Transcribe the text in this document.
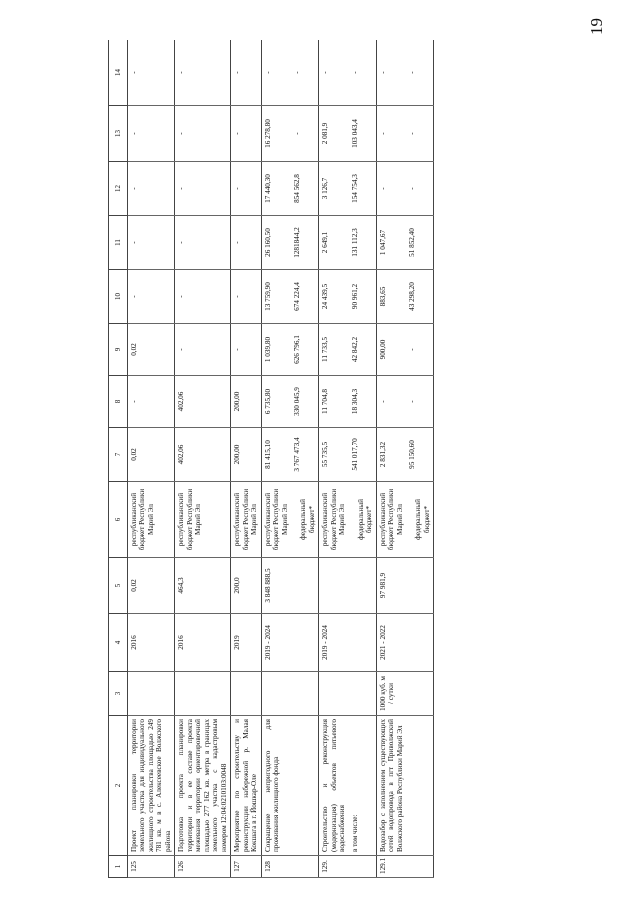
19
1	2	3	4	5	6	7	8	9	10	11	12	13	14
125	Проект планировки территории земельного участка для индивидуального жилищного строительства площадью 249 781 кв. м в с. Алексеевское Волжского района		2016	0,02	республиканский бюджет Республики Марий Эл	0,02	-	0,02	-	-	-	-	-
126	Подготовка проекта планировки территории и в ее составе проекта межевания территории ориентировочной площадью 277 162 кв. метра в границах земельного участка с кадастровым номером 12:04:0210103:0048		2016	464,3	республиканский бюджет Республики Марий Эл	402,06	402,06	-	-	-	-	-	-
127	Мероприятие по строительству и реконструкции набережной р. Малая Кокшага в г. Йошкар-Оле		2019	200,0	республиканский бюджет Республики Марий Эл	200,00	200,00	-	-	-	-	-	-
128	Сокращение непригодного для проживания жилищного фонда		2019 - 2024	3 848 888,5	республиканский бюджет Республики Марий Эл	81 415,10	6 735,80	1 039,80	13 759,90	26 160,50	17 440,30	16 278,80	-
					федеральный бюджет*	3 767 473,4	330 045,9	626 796,1	674 224,4	1281844,2	854 562,8	-	-
129.	Строительство и реконструкция (модернизация) объектов питьевого водоснабжения		2019 - 2024		республиканский бюджет Республики Марий Эл	55 735,5	11 704,8	11 733,5	24 439,5	2 649,1	3 126,7	2 081,9	-
	в том числе:				федеральный бюджет*	541 017,70	18 304,3	42 842,2	90 961,2	131 112,3	154 754,3	103 043,4	-
129.1	Водозабор с заполнением существующих сетей водопровода в пгт Приволжский Волжского района Республики Марий Эл	1000 куб. м / сутки	2021 - 2022	97 981,9	республиканский бюджет Республики Марий Эл	2 831,32	-	900,00	883,65	1 047,67	-	-	-
					федеральный бюджет*	95 150,60	-	-	43 298,20	51 852,40	-	-	-
